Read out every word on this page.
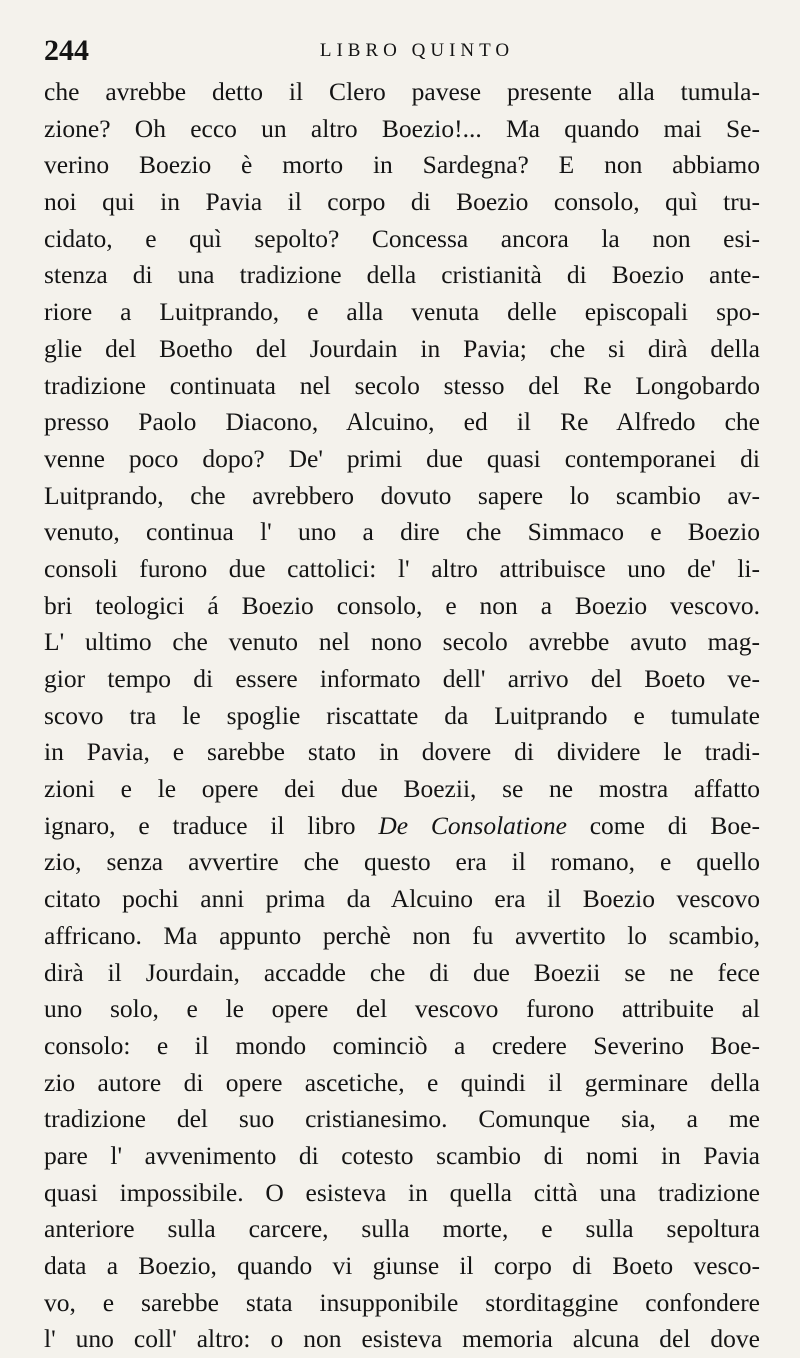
244	LIBRO QUINTO
che avrebbe detto il Clero pavese presente alla tumula-
zione? Oh ecco un altro Boezio!... Ma quando mai Se-
verino Boezio è morto in Sardegna? E non abbiamo
noi qui in Pavia il corpo di Boezio consolo, quì tru-
cidato, e quì sepolto? Concessa ancora la non esi-
stenza di una tradizione della cristianità di Boezio ante-
riore a Luitprando, e alla venuta delle episcopali spo-
glie del Boetho del Jourdain in Pavia; che si dirà della
tradizione continuata nel secolo stesso del Re Longobardo
presso Paolo Diacono, Alcuino, ed il Re Alfredo che
venne poco dopo? De' primi due quasi contemporanei di
Luitprando, che avrebbero dovuto sapere lo scambio av-
venuto, continua l' uno a dire che Simmaco e Boezio
consoli furono due cattolici: l' altro attribuisce uno de' li-
bri teologici á Boezio consolo, e non a Boezio vescovo.
L' ultimo che venuto nel nono secolo avrebbe avuto mag-
gior tempo di essere informato dell' arrivo del Boeto ve-
scovo tra le spoglie riscattate da Luitprando e tumulate
in Pavia, e sarebbe stato in dovere di dividere le tradi-
zioni e le opere dei due Boezii, se ne mostra affatto
ignaro, e traduce il libro De Consolatione come di Boe-
zio, senza avvertire che questo era il romano, e quello
citato pochi anni prima da Alcuino era il Boezio vescovo
affricano. Ma appunto perchè non fu avvertito lo scambio,
dirà il Jourdain, accadde che di due Boezii se ne fece
uno solo, e le opere del vescovo furono attribuite al
consolo: e il mondo cominciò a credere Severino Boe-
zio autore di opere ascetiche, e quindi il germinare della
tradizione del suo cristianesimo. Comunque sia, a me
pare l' avvenimento di cotesto scambio di nomi in Pavia
quasi impossibile. O esisteva in quella città una tradizione
anteriore sulla carcere, sulla morte, e sulla sepoltura
data a Boezio, quando vi giunse il corpo di Boeto vesco-
vo, e sarebbe stata insupponibile storditaggine confondere
l' uno coll' altro: o non esisteva memoria alcuna del dove
